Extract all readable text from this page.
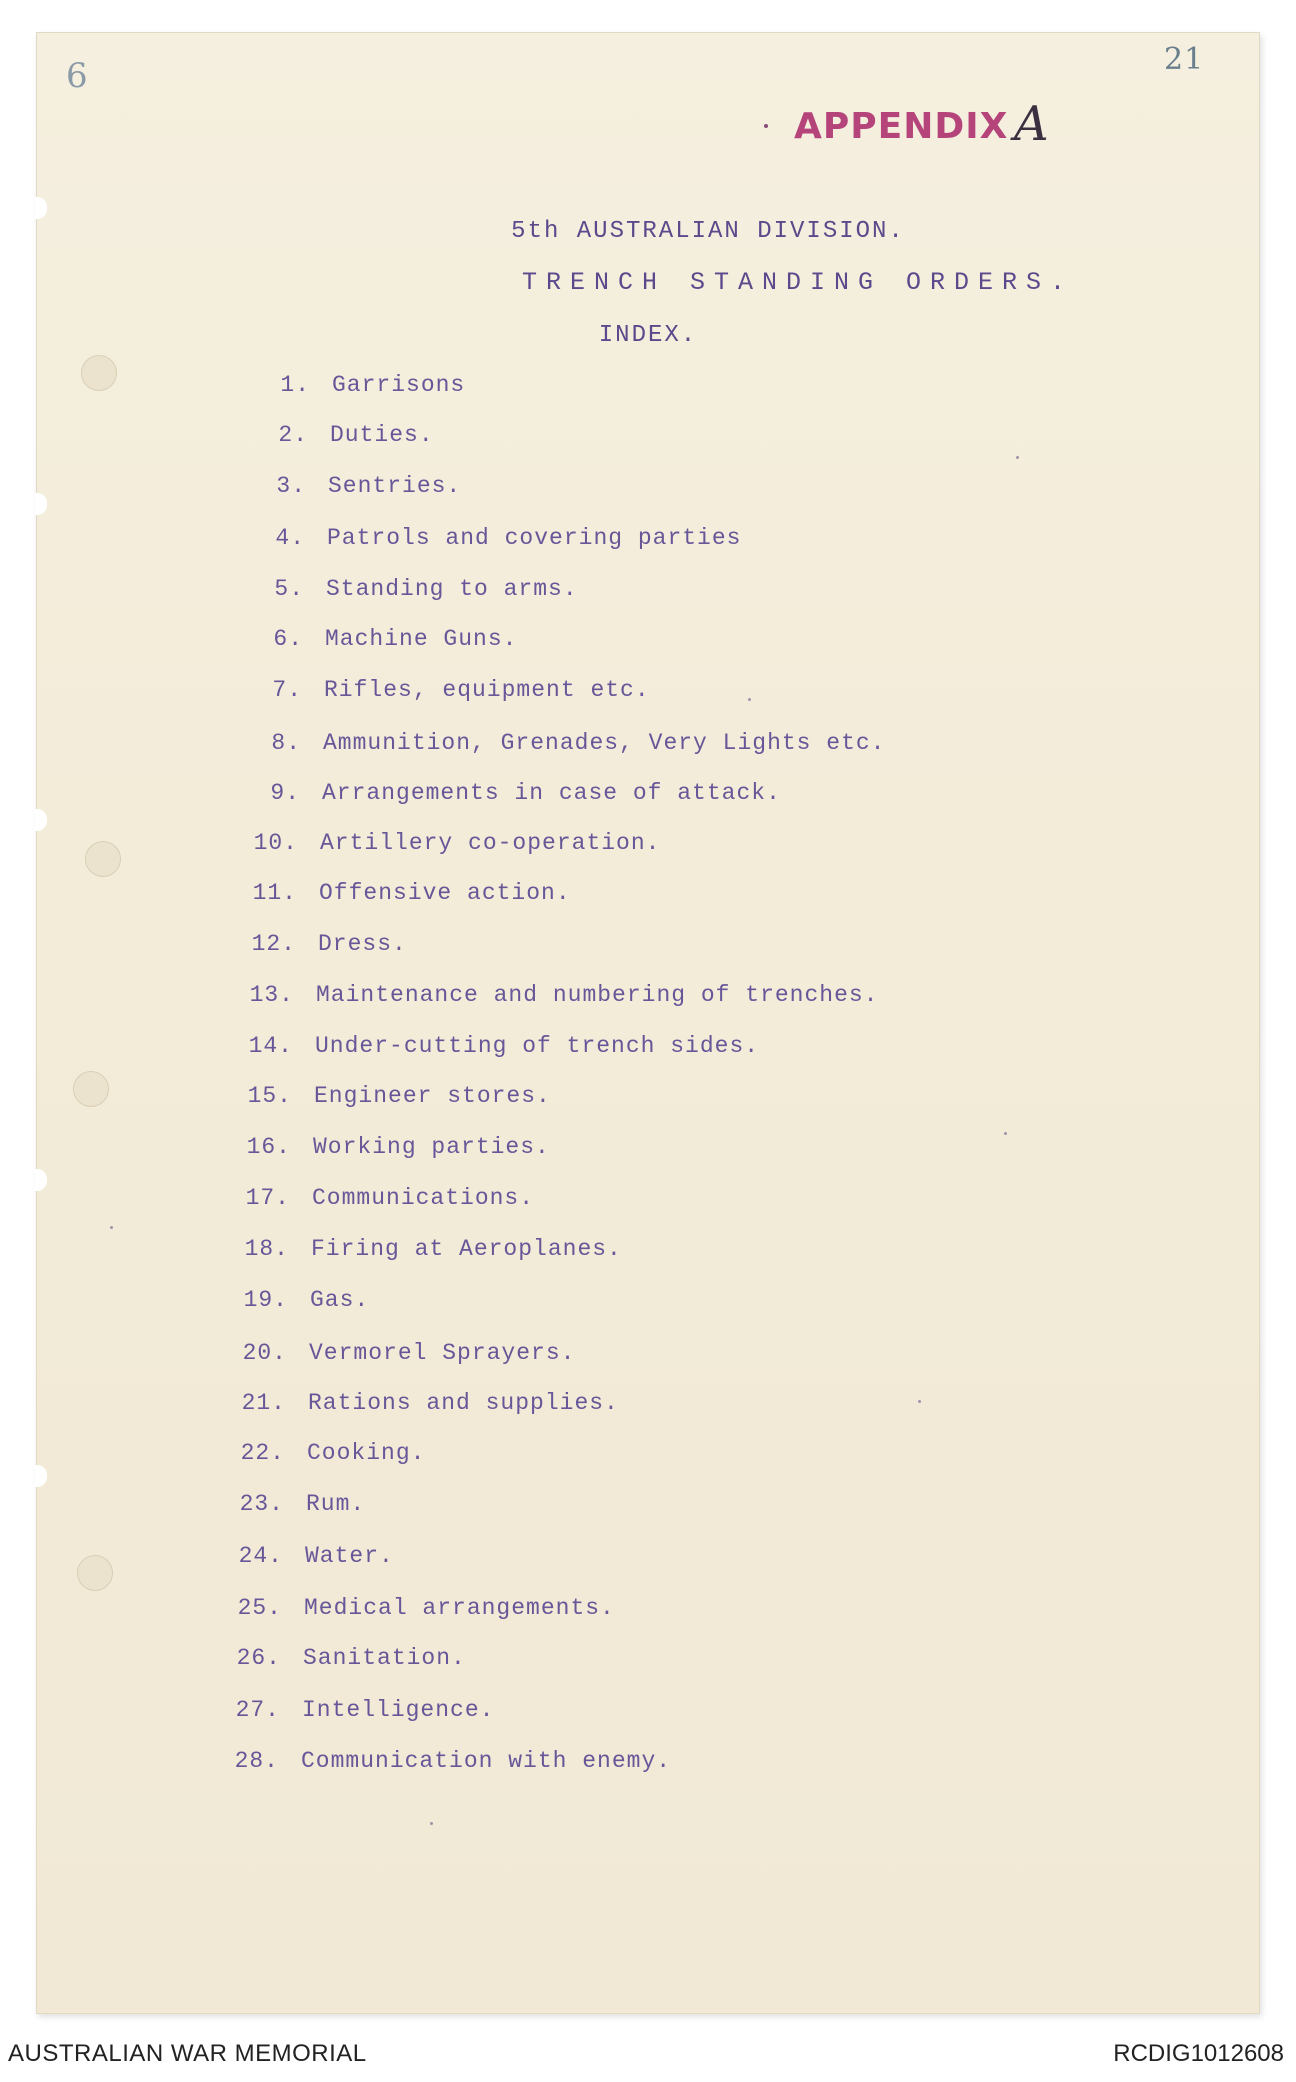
6	21
APPENDIX A
5th AUSTRALIAN DIVISION.
TRENCH STANDING ORDERS.
INDEX.
1. Garrisons
2. Duties.
3. Sentries.
4. Patrols and covering parties
5. Standing to arms.
6. Machine Guns.
7. Rifles, equipment etc.
8. Ammunition, Grenades, Very Lights etc.
9. Arrangements in case of attack.
10. Artillery co-operation.
11. Offensive action.
12. Dress.
13. Maintenance and numbering of trenches.
14. Under-cutting of trench sides.
15. Engineer stores.
16. Working parties.
17. Communications.
18. Firing at Aeroplanes.
19. Gas.
20. Vermorel Sprayers.
21. Rations and supplies.
22. Cooking.
23. Rum.
24. Water.
25. Medical arrangements.
26. Sanitation.
27. Intelligence.
28. Communication with enemy.
AUSTRALIAN WAR MEMORIAL	RCDIG1012608
